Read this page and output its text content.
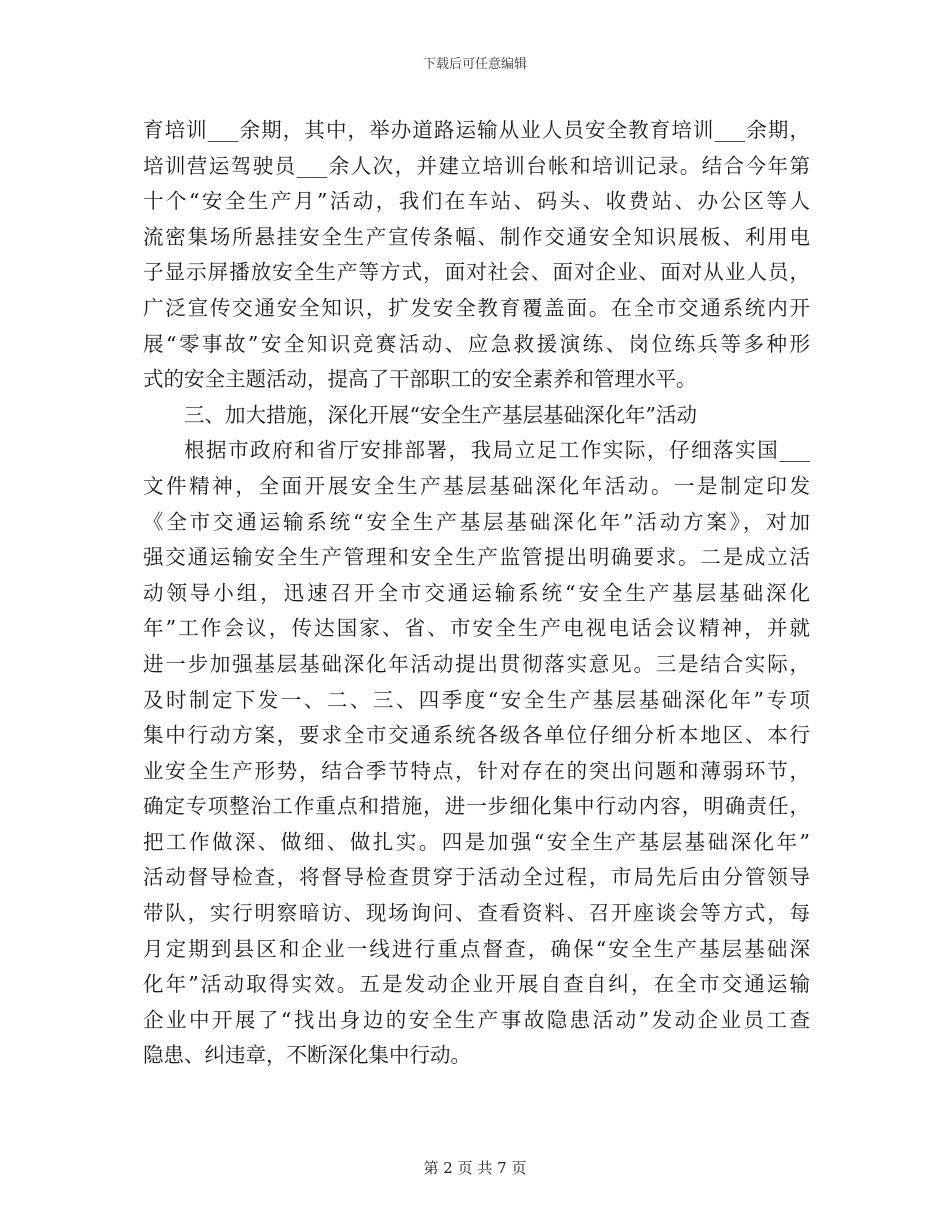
下载后可任意编辑
育培训___余期，其中，举办道路运输从业人员安全教育培训___余期，
培训营运驾驶员___余人次，并建立培训台帐和培训记录。结合今年第
十个“安全生产月”活动，我们在车站、码头、收费站、办公区等人
流密集场所悬挂安全生产宣传条幅、制作交通安全知识展板、利用电
子显示屏播放安全生产等方式，面对社会、面对企业、面对从业人员，
广泛宣传交通安全知识，扩发安全教育覆盖面。在全市交通系统内开
展“零事故”安全知识竞赛活动、应急救援演练、岗位练兵等多种形
式的安全主题活动，提高了干部职工的安全素养和管理水平。
三、加大措施，深化开展“安全生产基层基础深化年”活动
根据市政府和省厅安排部署，我局立足工作实际，仔细落实国___
文件精神，全面开展安全生产基层基础深化年活动。一是制定印发
《全市交通运输系统“安全生产基层基础深化年”活动方案》，对加
强交通运输安全生产管理和安全生产监管提出明确要求。二是成立活
动领导小组，迅速召开全市交通运输系统“安全生产基层基础深化
年”工作会议，传达国家、省、市安全生产电视电话会议精神，并就
进一步加强基层基础深化年活动提出贯彻落实意见。三是结合实际，
及时制定下发一、二、三、四季度“安全生产基层基础深化年”专项
集中行动方案，要求全市交通系统各级各单位仔细分析本地区、本行
业安全生产形势，结合季节特点，针对存在的突出问题和薄弱环节，
确定专项整治工作重点和措施，进一步细化集中行动内容，明确责任，
把工作做深、做细、做扎实。四是加强“安全生产基层基础深化年”
活动督导检查，将督导检查贯穿于活动全过程，市局先后由分管领导
带队，实行明察暗访、现场询问、查看资料、召开座谈会等方式，每
月定期到县区和企业一线进行重点督查，确保“安全生产基层基础深
化年”活动取得实效。五是发动企业开展自查自纠，在全市交通运输
企业中开展了“找出身边的安全生产事故隐患活动”发动企业员工查
隐患、纠违章，不断深化集中行动。
第 2 页 共 7 页
